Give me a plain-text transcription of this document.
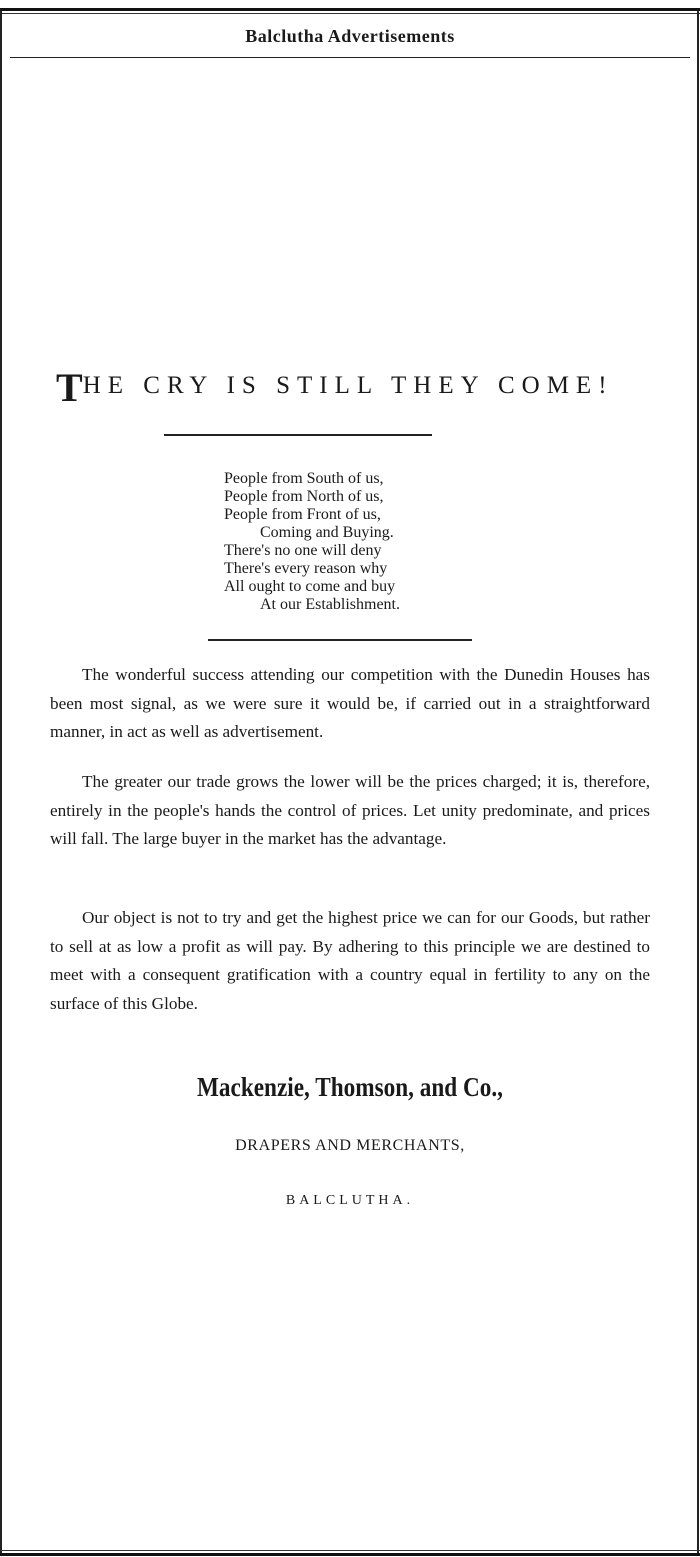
Balclutha Advertisements
THE CRY IS STILL THEY COME!
People from South of us,
People from North of us,
People from Front of us,
Coming and Buying.
There's no one will deny
There's every reason why
All ought to come and buy
At our Establishment.

The wonderful success attending our competition with the Dunedin Houses has been most signal, as we were sure it would be, if carried out in a straightforward manner, in act as well as advertisement.

The greater our trade grows the lower will be the prices charged; it is, therefore, entirely in the people's hands the control of prices. Let unity predominate, and prices will fall. The large buyer in the market has the advantage.

Our object is not to try and get the highest price we can for our Goods, but rather to sell at as low a profit as will pay. By adhering to this principle we are destined to meet with a consequent gratification with a country equal in fertility to any on the surface of this Globe.

Mackenzie, Thomson, and Co.,
DRAPERS AND MERCHANTS,
BALCLUTHA.
